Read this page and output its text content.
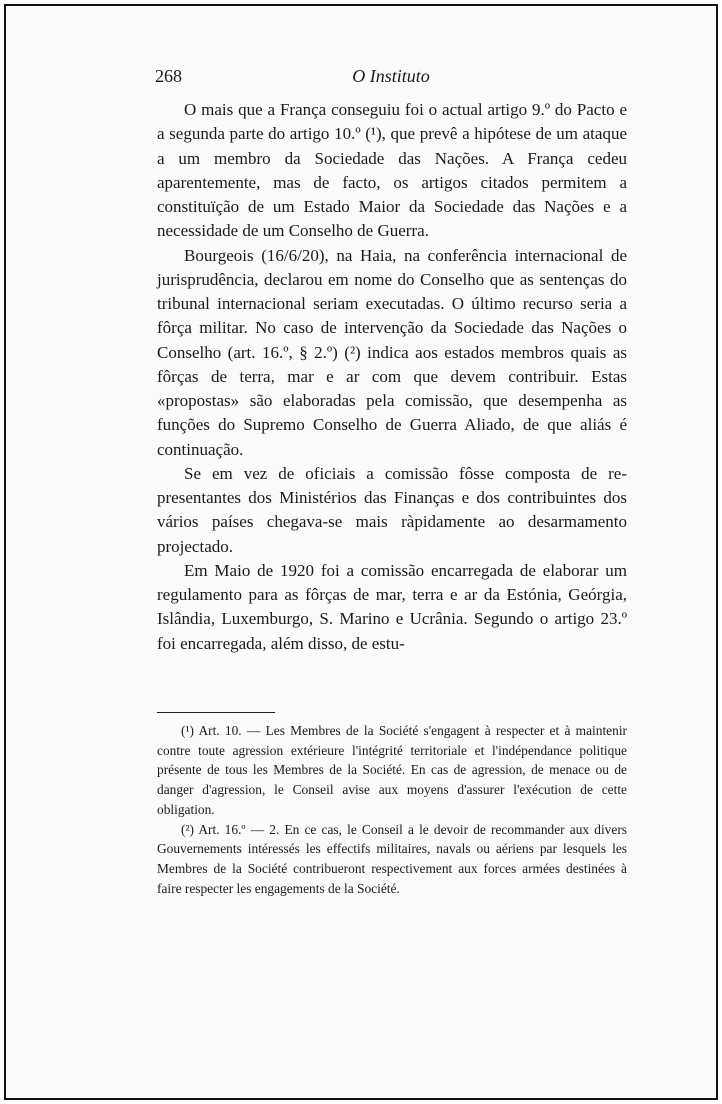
268	O Instituto

O mais que a França conseguiu foi o actual artigo 9.º do Pacto e a segunda parte do artigo 10.º (¹), que prevê a hipótese de um ataque a um membro da Sociedade das Nações. A França cedeu aparentemente, mas de facto, os artigos citados permitem a constituïção de um Estado Maior da Sociedade das Nações e a necessidade de um Conselho de Guerra.

Bourgeois (16/6/20), na Haia, na conferência internacional de jurisprudência, declarou em nome do Conselho que as sentenças do tribunal internacional seriam executadas. O último recurso seria a fôrça militar. No caso de intervenção da Sociedade das Nações o Conselho (art. 16.º, § 2.º) (²) indica aos estados membros quais as fôrças de terra, mar e ar com que devem contribuir. Estas «propostas» são elaboradas pela comissão, que desempenha as funções do Supremo Conselho de Guerra Aliado, de que aliás é continuação.

Se em vez de oficiais a comissão fôsse composta de representantes dos Ministérios das Finanças e dos contribuintes dos vários países chegava-se mais ràpidamente ao desarmamento projectado.

Em Maio de 1920 foi a comissão encarregada de elaborar um regulamento para as fôrças de mar, terra e ar da Estónia, Geórgia, Islândia, Luxemburgo, S. Marino e Ucrânia. Segundo o artigo 23.º foi encarregada, além disso, de estu-

(¹) Art. 10. — Les Membres de la Société s'engagent à respecter et à maintenir contre toute agression extérieure l'intégrité territoriale et l'indépendance politique présente de tous les Membres de la Société. En cas de agression, de menace ou de danger d'agression, le Conseil avise aux moyens d'assurer l'exécution de cette obligation.

(²) Art. 16.º — 2. En ce cas, le Conseil a le devoir de recommander aux divers Gouvernements intéressés les effectifs militaires, navals ou aériens par lesquels les Membres de la Société contribueront respectivement aux forces armées destinées à faire respecter les engagements de la Société.
